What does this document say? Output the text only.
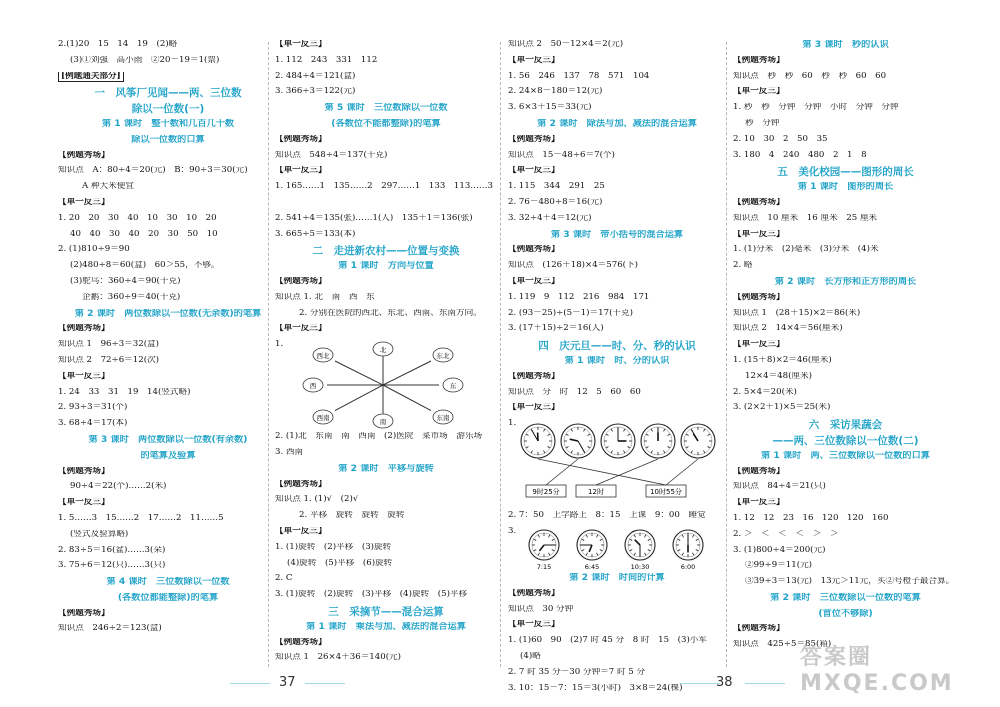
2.(1)20　15　14　19　(2)略
(3)①刘强　高小雨　②20－19＝1(票)
[例题通关部分]
一　风筝厂见闻——两、三位数
除以一位数(一)
第 1 课时　整十数和几百几十数
除以一位数的口算
【例题秀场】
知识点　A：80÷4＝20(元)　B：90÷3＝30(元)
A 种大米便宜
【单一反三】
1. 20　20　30　40　10　30　10　20
40　40　30　40　20　30　50　10
2. (1)810÷9＝90
(2)480÷8＝60(盒)　60＞55，不够。
(3)鸵鸟：360÷4＝90(千克)
企鹅：360÷9＝40(千克)
第 2 课时　两位数除以一位数(无余数)的笔算
【例题秀场】
知识点 1　96÷3＝32(盒)
知识点 2　72÷6＝12(次)
【单一反三】
1. 24　33　31　19　14(竖式略)
2. 93÷3＝31(个)
3. 68÷4＝17(本)
第 3 课时　两位数除以一位数(有余数)
的笔算及验算
【例题秀场】
90÷4＝22(个)……2(米)
【单一反三】
1. 5……3　15……2　17……2　11……5
(竖式及验算略)
2. 83÷5＝16(盆)……3(朵)
3. 75÷6＝12(只)……3(只)
第 4 课时　三位数除以一位数
(各数位都能整除)的笔算
【例题秀场】
知识点　246÷2＝123(盒)
【单一反三】
1. 112　243　331　112
2. 484÷4＝121(盒)
3. 366÷3＝122(元)
第 5 课时　三位数除以一位数
(各数位不能都整除)的笔算
【例题秀场】
知识点　548÷4＝137(千克)
【单一反三】
1. 165……1　135……2　297……1　133　113……3
2. 541÷4＝135(张)……1(人)　135＋1＝136(张)
3. 665÷5＝133(本)
二　走进新农村——位置与变换
第 1 课时　方向与位置
【例题秀场】
知识点 1. 北　南　西　东
2. 分别在医院的西北、东北、西南、东南方向。
【单一反三】
1.
西北
北
东北
东
东南
南
西南
西
2. (1)北　东南　南　西南　(2)医院　菜市场　游乐场
3. 西南
第 2 课时　平移与旋转
【例题秀场】
知识点 1. (1)√　(2)√
2. 平移　旋转　旋转　旋转
【单一反三】
1. (1)旋转　(2)平移　(3)旋转
(4)旋转　(5)平移　(6)旋转
2. C
3. (1)旋转　(2)旋转　(3)平移　(4)旋转　(5)平移
三　采摘节——混合运算
第 1 课时　乘法与加、减法的混合运算
【例题秀场】
知识点 1　26×4＋36＝140(元)
知识点 2　50－12×4＝2(元)
【单一反三】
1. 56　246　137　78　571　104
2. 24×8－180＝12(元)
3. 6×3＋15＝33(元)
第 2 课时　除法与加、减法的混合运算
【例题秀场】
知识点　15－48÷6＝7(个)
【单一反三】
1. 115　344　291　25
2. 76－480÷8＝16(元)
3. 32÷4＋4＝12(元)
第 3 课时　带小括号的混合运算
【例题秀场】
知识点　(126＋18)×4＝576(下)
【单一反三】
1. 119　9　112　216　984　171
2. (93－25)÷(5－1)＝17(千克)
3. (17＋15)÷2＝16(人)
四　庆元旦——时、分、秒的认识
第 1 课时　时、分的认识
【例题秀场】
知识点　分　时　12　5　60　60
【单一反三】
1.
9时25分	12时	10时55分
2. 7：50　上学路上　8：15　上课　9：00　睡觉
3.
7:15	6:45	10:30	6:00
第 2 课时　时间的计算
【例题秀场】
知识点　30 分钟
【单一反三】
1. (1)60　90　(2)7 时 45 分　8 时　15　(3)小军
(4)略
2. 7 时 35 分－30 分钟＝7 时 5 分
3. 10：15－7：15＝3(小时)　3×8＝24(棵)
第 3 课时　秒的认识
【例题秀场】
知识点　秒　秒　60　秒　秒　60　60
【单一反三】
1. 秒　秒　分钟　分钟　小时　分钟　分钟
秒　分钟
2. 10　30　2　50　35
3. 180　4　240　480　2　1　8
五　美化校园——图形的周长
第 1 课时　图形的周长
【例题秀场】
知识点　10 厘米　16 厘米　25 厘米
【单一反三】
1. (1)分米　(2)毫米　(3)分米　(4)米
2. 略
第 2 课时　长方形和正方形的周长
【例题秀场】
知识点 1　(28＋15)×2＝86(米)
知识点 2　14×4＝56(厘米)
【单一反三】
1. (15＋8)×2＝46(厘米)
12×4＝48(厘米)
2. 5×4＝20(米)
3. (2×2＋1)×5＝25(米)
六　采访果蔬会
——两、三位数除以一位数(二)
第 1 课时　两、三位数除以一位数的口算
【例题秀场】
知识点　84÷4＝21(只)
【单一反三】
1. 12　12　23　16　120　120　160
2. ＞　＜　＜　＜　＞　＞
3. (1)800÷4＝200(元)
②99÷9＝11(元)
③39÷3＝13(元)　13元＞11元，买②号橙子最合算。
第 2 课时　三位数除以一位数的笔算
(首位不够除)
【例题秀场】
知识点　425÷5＝85(箱)
37	38
答案圈 MXQE.COM
